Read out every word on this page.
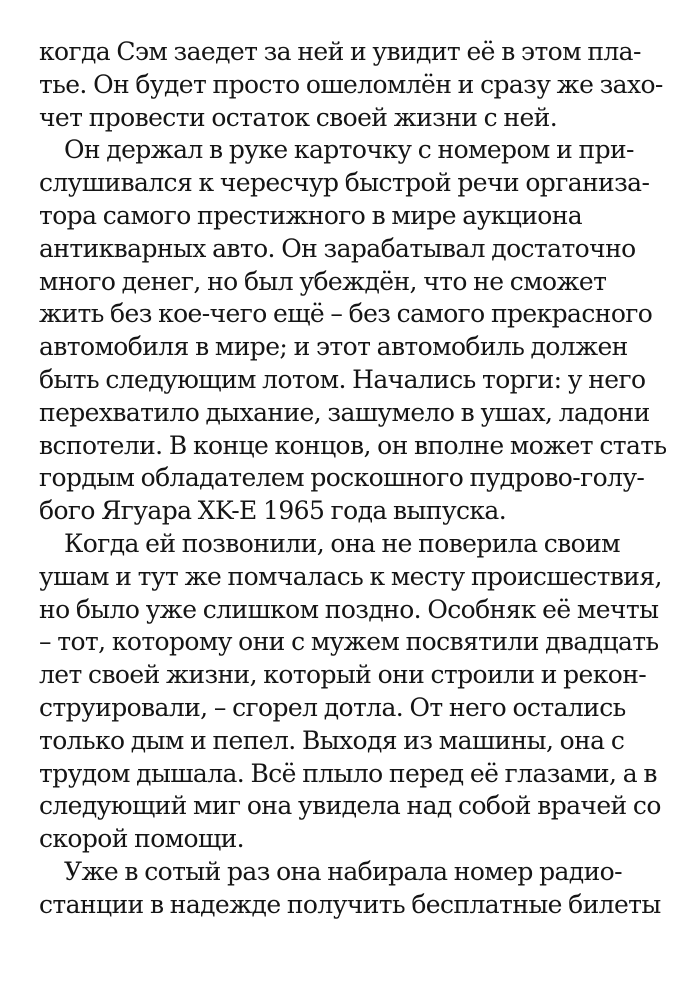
когда Сэм заедет за ней и увидит её в этом пла-
тье. Он будет просто ошеломлён и сразу же захо-
чет провести остаток своей жизни с ней.
Он держал в руке карточку с номером и при-
слушивался к чересчур быстрой речи организа-
тора самого престижного в мире аукциона
антикварных авто. Он зарабатывал достаточно
много денег, но был убеждён, что не сможет
жить без кое-чего ещё – без самого прекрасного
автомобиля в мире; и этот автомобиль должен
быть следующим лотом. Начались торги: у него
перехватило дыхание, зашумело в ушах, ладони
вспотели. В конце концов, он вполне может стать
гордым обладателем роскошного пудрово-голу-
бого Ягуара XK-E 1965 года выпуска.
Когда ей позвонили, она не поверила своим
ушам и тут же помчалась к месту происшествия,
но было уже слишком поздно. Особняк её мечты
– тот, которому они с мужем посвятили двадцать
лет своей жизни, который они строили и рекон-
струировали, – сгорел дотла. От него остались
только дым и пепел. Выходя из машины, она с
трудом дышала. Всё плыло перед её глазами, а в
следующий миг она увидела над собой врачей со
скорой помощи.
Уже в сотый раз она набирала номер радио-
станции в надежде получить бесплатные билеты
